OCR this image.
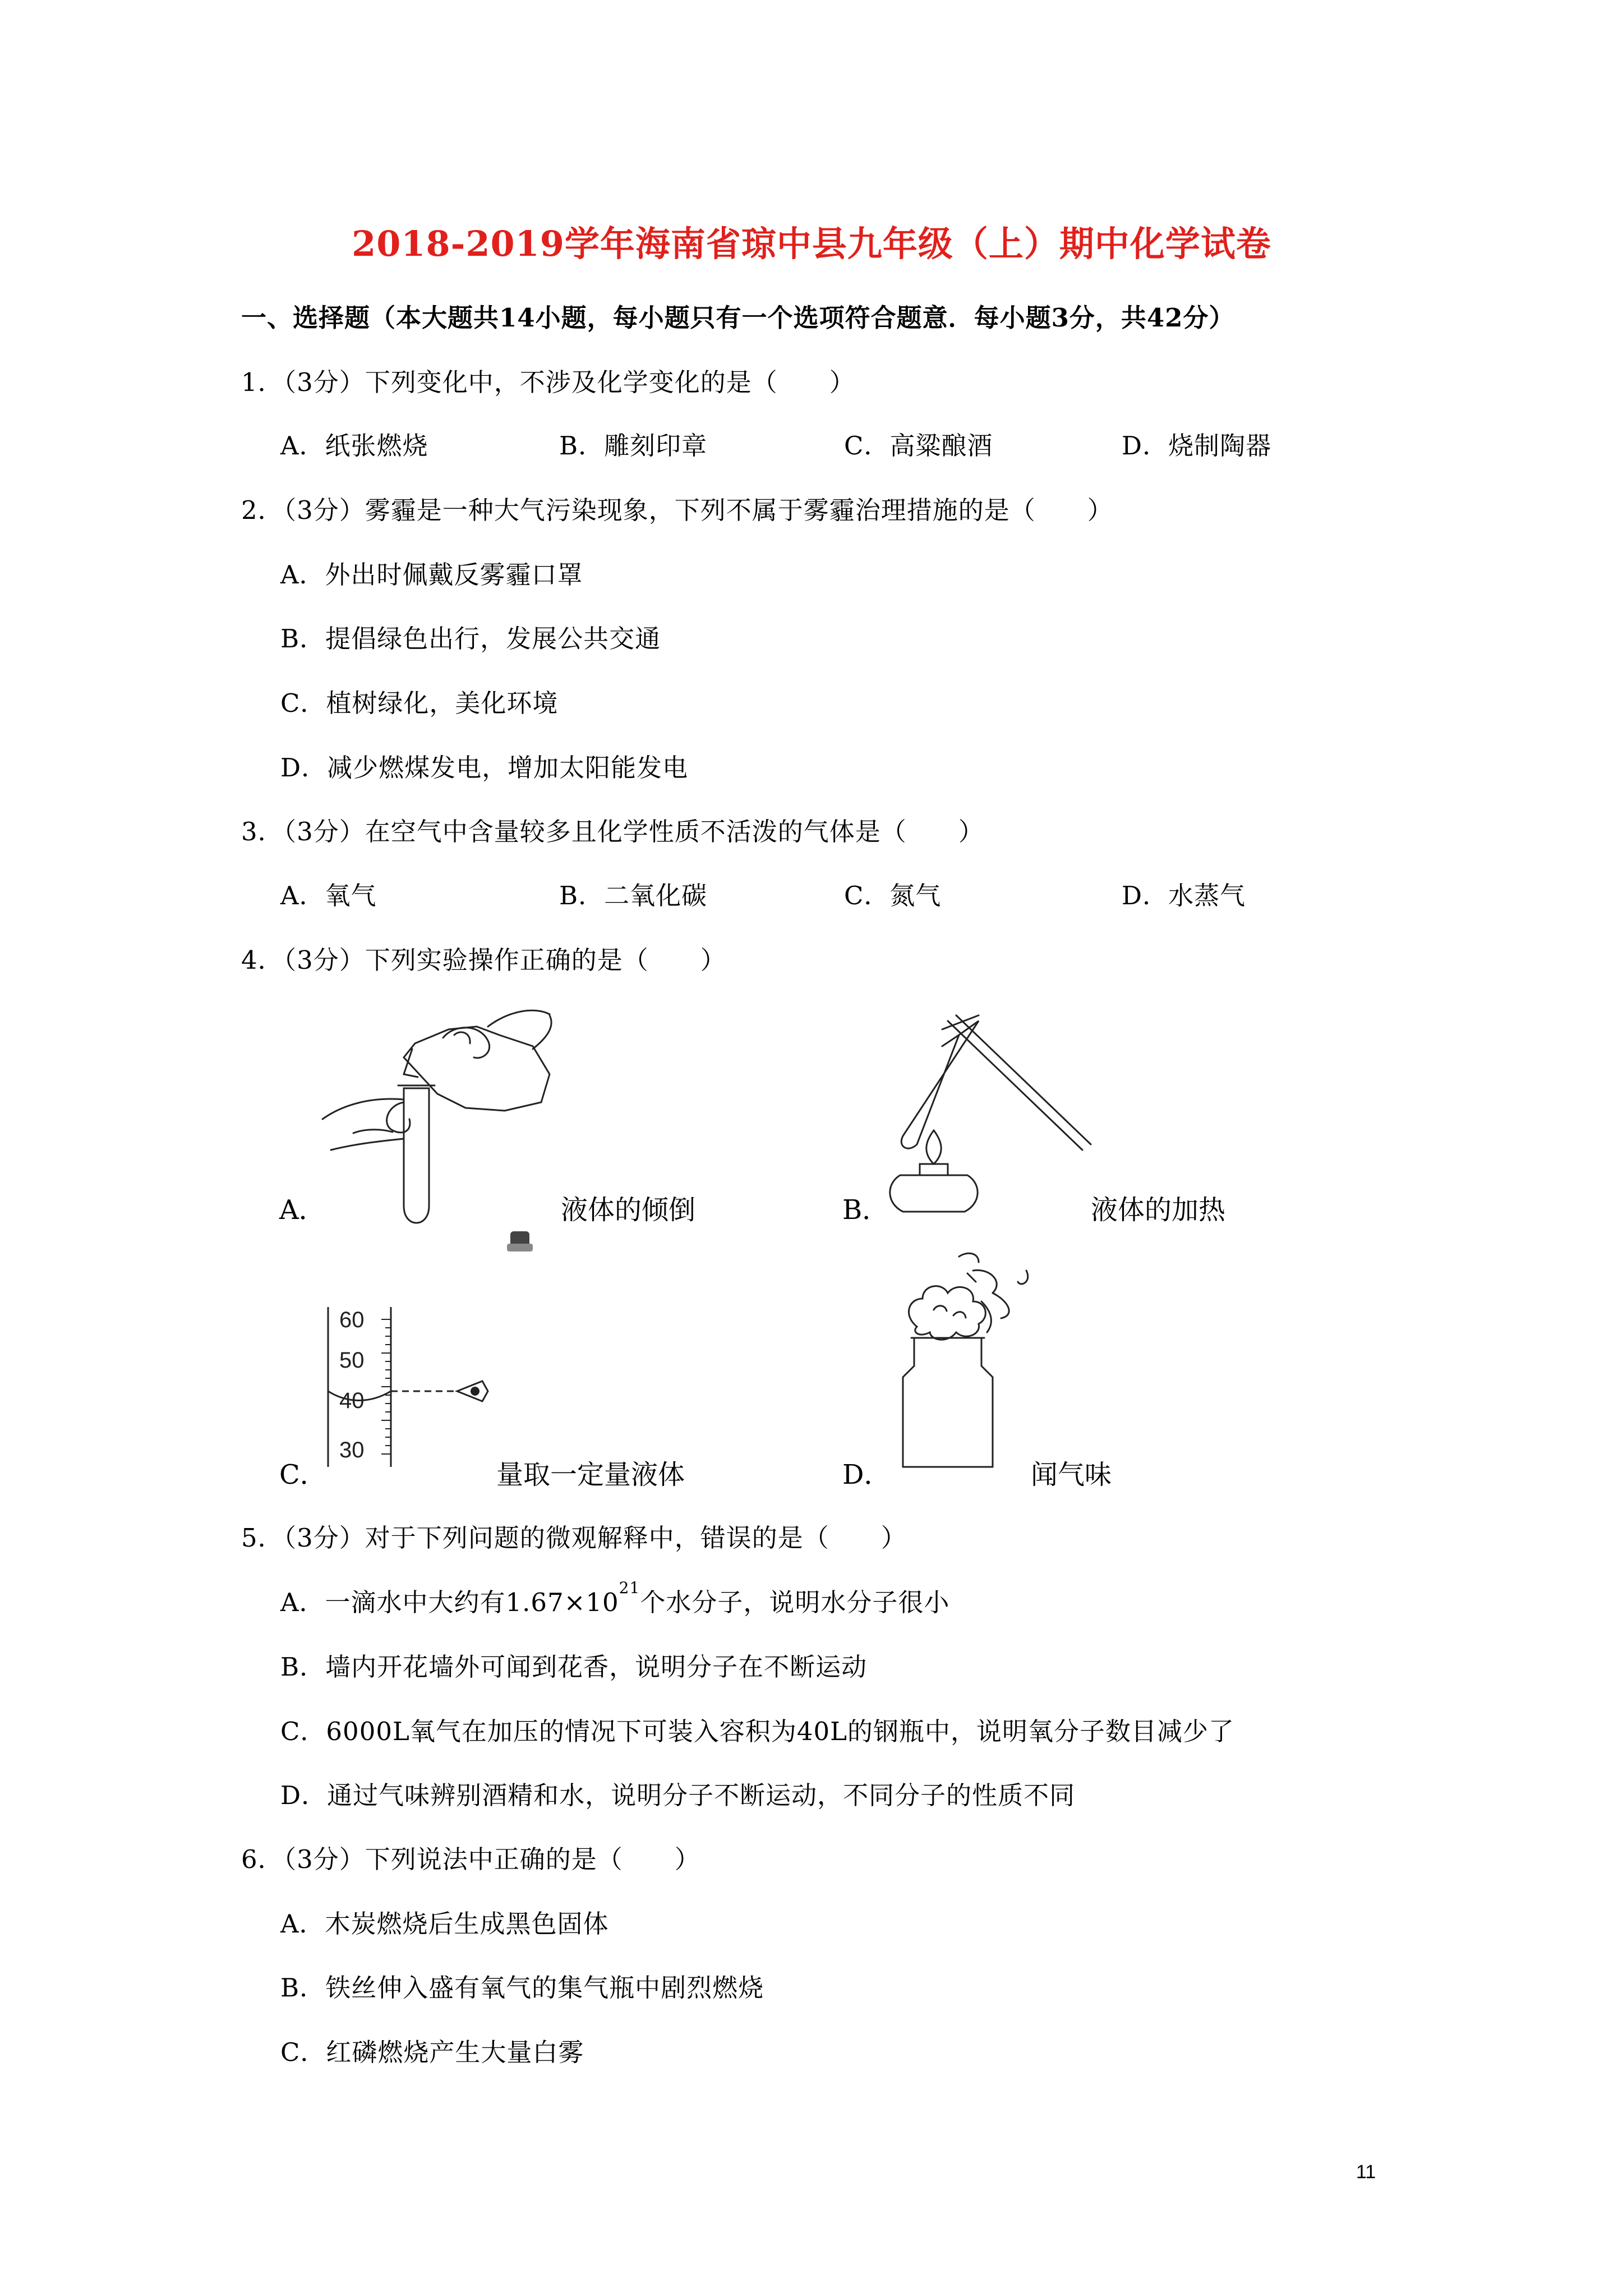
2018-2019学年海南省琼中县九年级（上）期中化学试卷
一、选择题（本大题共14小题，每小题只有一个选项符合题意．每小题3分，共42分）
1．（3分）下列变化中，不涉及化学变化的是（　　）
A．纸张燃烧	B．雕刻印章	C．高粱酿酒	D．烧制陶器
2．（3分）雾霾是一种大气污染现象，下列不属于雾霾治理措施的是（　　）
A．外出时佩戴反雾霾口罩
B．提倡绿色出行，发展公共交通
C．植树绿化，美化环境
D．减少燃煤发电，增加太阳能发电
3．（3分）在空气中含量较多且化学性质不活泼的气体是（　　）
A．氧气	B．二氧化碳	C．氮气	D．水蒸气
4．（3分）下列实验操作正确的是（　　）
A．	液体的倾倒	B．	液体的加热
60
50
40
30
C．	量取一定量液体	D．	闻气味
5．（3分）对于下列问题的微观解释中，错误的是（　　）
A．一滴水中大约有$1.67\times 10^{21}$个水分子，说明水分子很小
B．墙内开花墙外可闻到花香，说明分子在不断运动
C．6000L氧气在加压的情况下可装入容积为40L的钢瓶中，说明氧分子数目减少了
D．通过气味辨别酒精和水，说明分子不断运动，不同分子的性质不同
6．（3分）下列说法中正确的是（　　）
A．木炭燃烧后生成黑色固体
B．铁丝伸入盛有氧气的集气瓶中剧烈燃烧
C．红磷燃烧产生大量白雾
11
